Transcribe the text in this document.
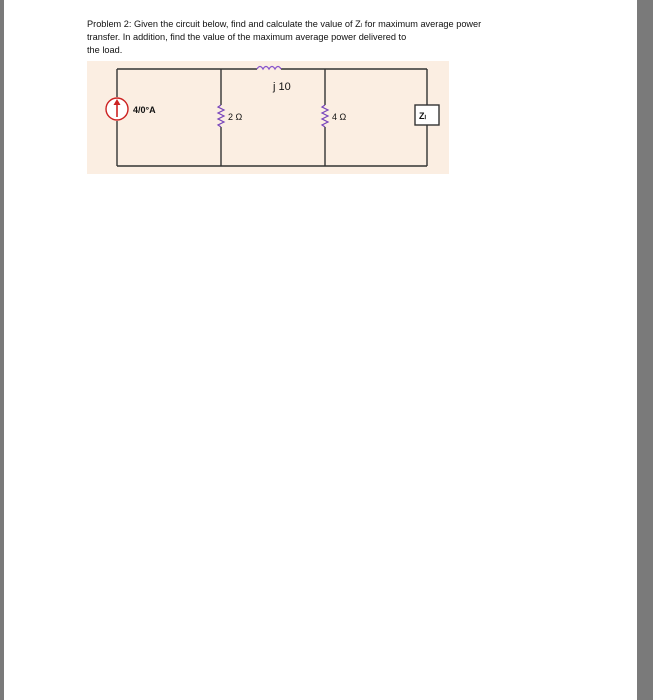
Problem 2: Given the circuit below, find and calculate the value of Zₗ for maximum average power
transfer. In addition, find the value of the maximum average power delivered to
the load.
4/0°A
j 10
2 Ω	4 Ω	Zₗ
